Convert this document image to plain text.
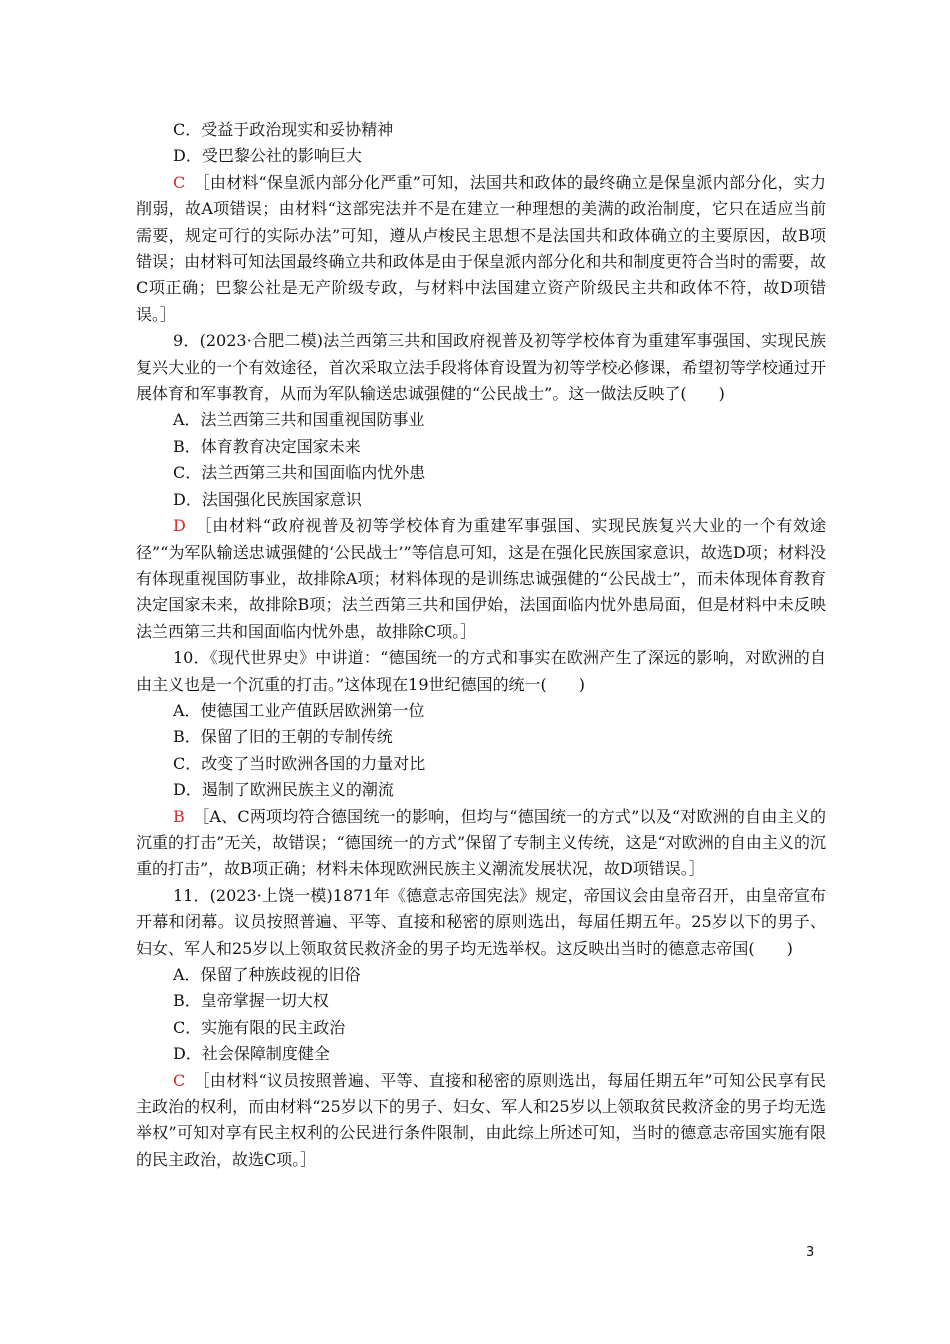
C．受益于政治现实和妥协精神

D．受巴黎公社的影响巨大

C　 ［由材料“保皇派内部分化严重”可知，法国共和政体的最终确立是保皇派内部分化，实力削弱，故A项错误；由材料“这部宪法并不是在建立一种理想的美满的政治制度，它只在适应当前需要，规定可行的实际办法”可知，遵从卢梭民主思想不是法国共和政体确立的主要原因，故B项错误；由材料可知法国最终确立共和政体是由于保皇派内部分化和共和制度更符合当时的需要，故C项正确；巴黎公社是无产阶级专政，与材料中法国建立资产阶级民主共和政体不符，故D项错误。］

9．(2023·合肥二模)法兰西第三共和国政府视普及初等学校体育为重建军事强国、实现民族复兴大业的一个有效途径，首次采取立法手段将体育设置为初等学校必修课，希望初等学校通过开展体育和军事教育，从而为军队输送忠诚强健的“公民战士”。这一做法反映了(　　)

A．法兰西第三共和国重视国防事业

B．体育教育决定国家未来

C．法兰西第三共和国面临内忧外患

D．法国强化民族国家意识

D　 ［由材料“政府视普及初等学校体育为重建军事强国、实现民族复兴大业的一个有效途径”“为军队输送忠诚强健的‘公民战士’”等信息可知，这是在强化民族国家意识，故选D项；材料没有体现重视国防事业，故排除A项；材料体现的是训练忠诚强健的“公民战士”，而未体现体育教育决定国家未来，故排除B项；法兰西第三共和国伊始，法国面临内忧外患局面，但是材料中未反映法兰西第三共和国面临内忧外患，故排除C项。］

10．《现代世界史》中讲道：“德国统一的方式和事实在欧洲产生了深远的影响，对欧洲的自由主义也是一个沉重的打击。”这体现在19世纪德国的统一(　　)

A．使德国工业产值跃居欧洲第一位

B．保留了旧的王朝的专制传统

C．改变了当时欧洲各国的力量对比

D．遏制了欧洲民族主义的潮流

B　 ［A、C两项均符合德国统一的影响，但均与“德国统一的方式”以及“对欧洲的自由主义的沉重的打击”无关，故错误；“德国统一的方式”保留了专制主义传统，这是“对欧洲的自由主义的沉重的打击”，故B项正确；材料未体现欧洲民族主义潮流发展状况，故D项错误。］

11．(2023·上饶一模)1871年《德意志帝国宪法》规定，帝国议会由皇帝召开，由皇帝宣布开幕和闭幕。议员按照普遍、平等、直接和秘密的原则选出，每届任期五年。25岁以下的男子、妇女、军人和25岁以上领取贫民救济金的男子均无选举权。这反映出当时的德意志帝国(　　)

A．保留了种族歧视的旧俗

B．皇帝掌握一切大权

C．实施有限的民主政治

D．社会保障制度健全

C　 ［由材料“议员按照普遍、平等、直接和秘密的原则选出，每届任期五年”可知公民享有民主政治的权利，而由材料“25岁以下的男子、妇女、军人和25岁以上领取贫民救济金的男子均无选举权”可知对享有民主权利的公民进行条件限制，由此综上所述可知，当时的德意志帝国实施有限的民主政治，故选C项。］

3
